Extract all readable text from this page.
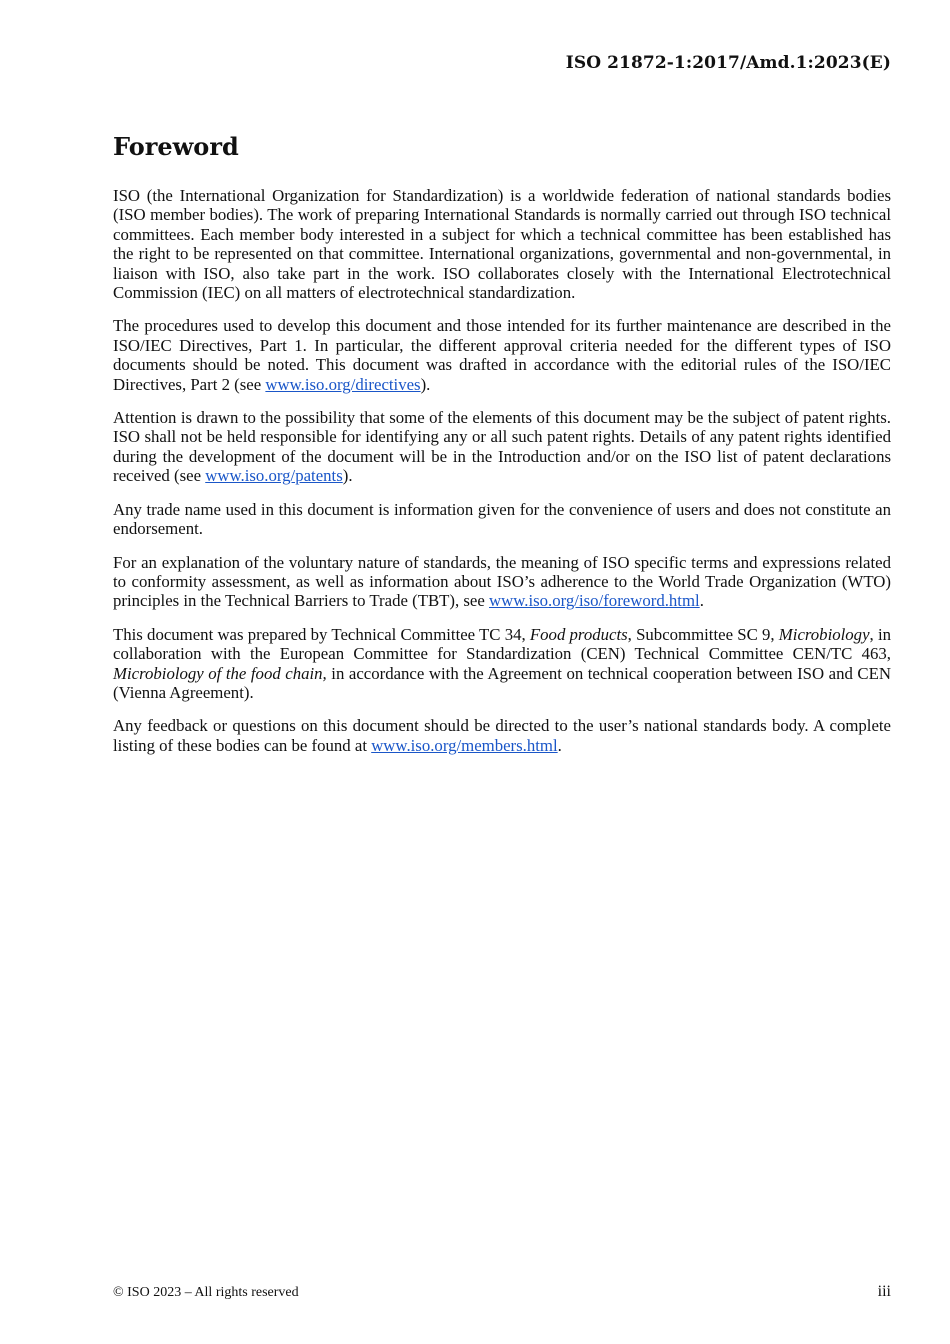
ISO 21872-1:2017/Amd.1:2023(E)
Foreword

ISO (the International Organization for Standardization) is a worldwide federation of national standards bodies (ISO member bodies). The work of preparing International Standards is normally carried out through ISO technical committees. Each member body interested in a subject for which a technical committee has been established has the right to be represented on that committee. International organizations, governmental and non-governmental, in liaison with ISO, also take part in the work. ISO collaborates closely with the International Electrotechnical Commission (IEC) on all matters of electrotechnical standardization.

The procedures used to develop this document and those intended for its further maintenance are described in the ISO/IEC Directives, Part 1. In particular, the different approval criteria needed for the different types of ISO documents should be noted. This document was drafted in accordance with the editorial rules of the ISO/IEC Directives, Part 2 (see www.iso.org/directives).

Attention is drawn to the possibility that some of the elements of this document may be the subject of patent rights. ISO shall not be held responsible for identifying any or all such patent rights. Details of any patent rights identified during the development of the document will be in the Introduction and/or on the ISO list of patent declarations received (see www.iso.org/patents).

Any trade name used in this document is information given for the convenience of users and does not constitute an endorsement.

For an explanation of the voluntary nature of standards, the meaning of ISO specific terms and expressions related to conformity assessment, as well as information about ISO’s adherence to the World Trade Organization (WTO) principles in the Technical Barriers to Trade (TBT), see www.iso.org/iso/foreword.html.

This document was prepared by Technical Committee TC 34, Food products, Subcommittee SC 9, Microbiology, in collaboration with the European Committee for Standardization (CEN) Technical Committee CEN/TC 463, Microbiology of the food chain, in accordance with the Agreement on technical cooperation between ISO and CEN (Vienna Agreement).

Any feedback or questions on this document should be directed to the user’s national standards body. A complete listing of these bodies can be found at www.iso.org/members.html.

© ISO 2023 – All rights reserved	iii
